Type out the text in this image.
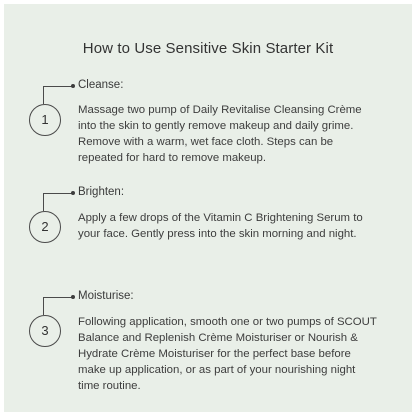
How to Use Sensitive Skin Starter Kit
1
Cleanse:
Massage two pump of Daily Revitalise Cleansing Crème into the skin to gently remove makeup and daily grime. Remove with a warm, wet face cloth. Steps can be repeated for hard to remove makeup.
2
Brighten:
Apply a few drops of the Vitamin C Brightening Serum to your face. Gently press into the skin morning and night.
3
Moisturise:
Following application, smooth one or two pumps of SCOUT Balance and Replenish Crème Moisturiser or Nourish & Hydrate Crème Moisturiser for the perfect base before make up application, or as part of your nourishing night time routine.
